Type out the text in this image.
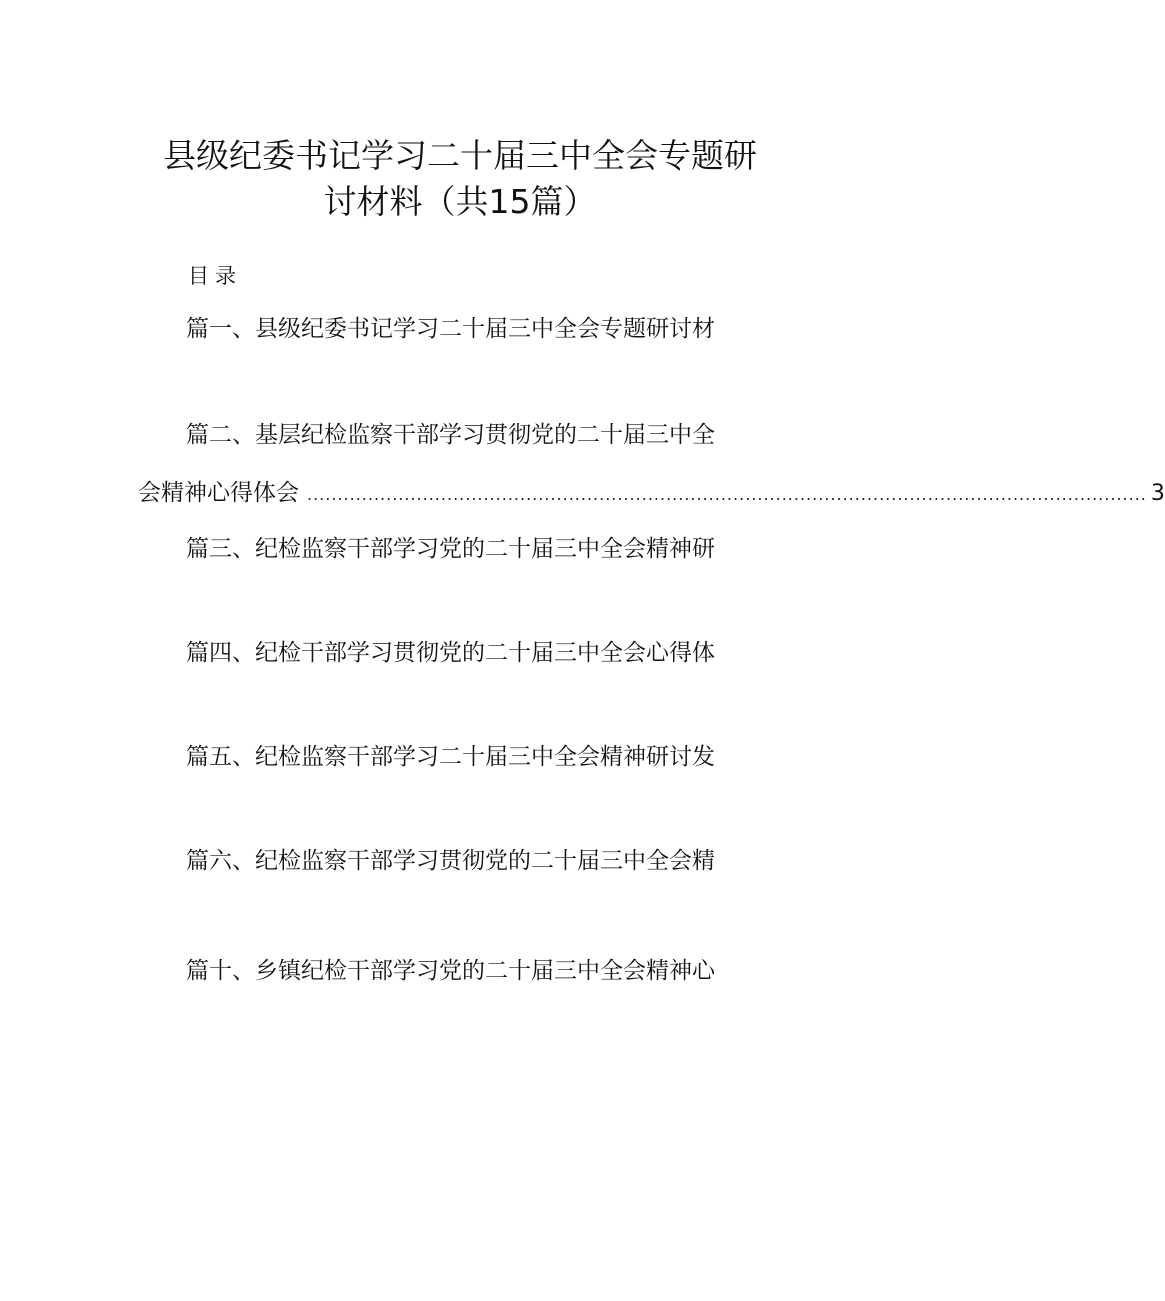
县级纪委书记学习二十届三中全会专题研
讨材料（共15篇）
目录
篇一、县级纪委书记学习二十届三中全会专题研讨材
篇二、基层纪检监察干部学习贯彻党的二十届三中全
会精神心得体会 .......................................................................................................................................... 3
篇三、纪检监察干部学习党的二十届三中全会精神研
篇四、纪检干部学习贯彻党的二十届三中全会心得体
篇五、纪检监察干部学习二十届三中全会精神研讨发
篇六、纪检监察干部学习贯彻党的二十届三中全会精
篇十、乡镇纪检干部学习党的二十届三中全会精神心
